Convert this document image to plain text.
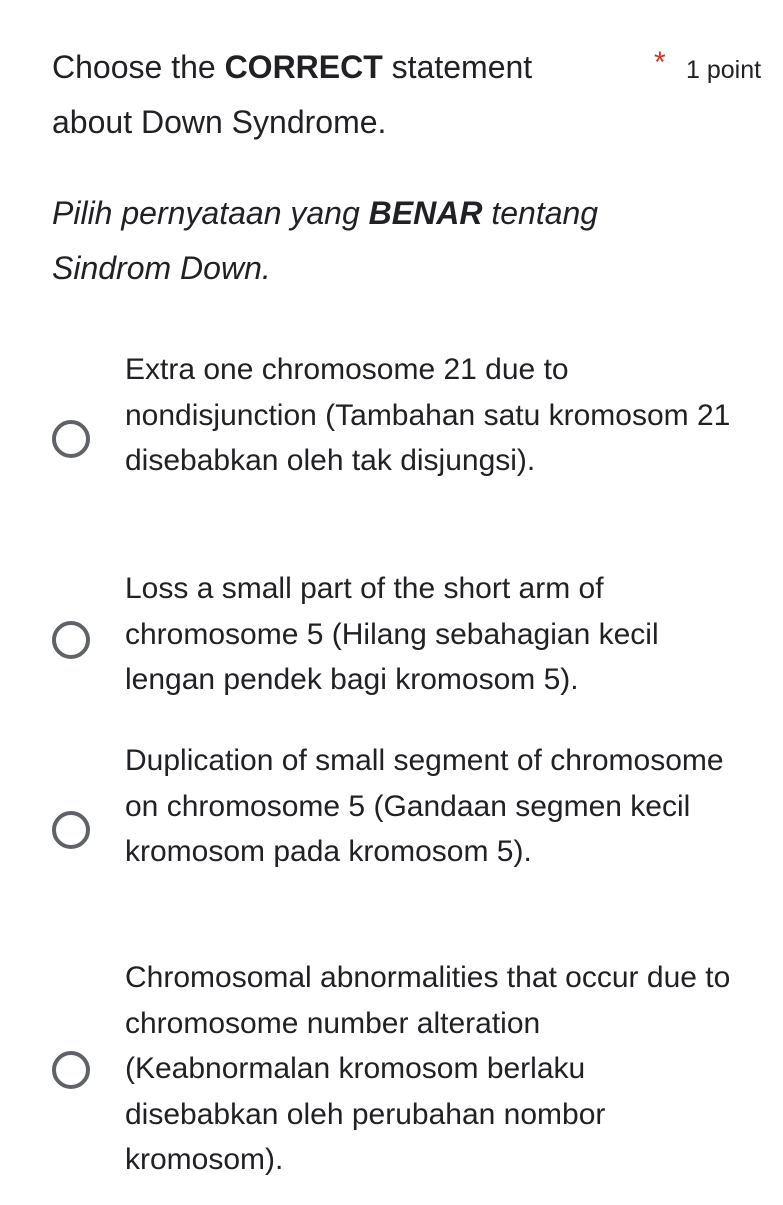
Choose the CORRECT statement about Down Syndrome.
* 1 point
Pilih pernyataan yang BENAR tentang Sindrom Down.
Extra one chromosome 21 due to nondisjunction (Tambahan satu kromosom 21 disebabkan oleh tak disjungsi).
Loss a small part of the short arm of chromosome 5 (Hilang sebahagian kecil lengan pendek bagi kromosom 5).
Duplication of small segment of chromosome on chromosome 5 (Gandaan segmen kecil kromosom pada kromosom 5).
Chromosomal abnormalities that occur due to chromosome number alteration (Keabnormalan kromosom berlaku disebabkan oleh perubahan nombor kromosom).
